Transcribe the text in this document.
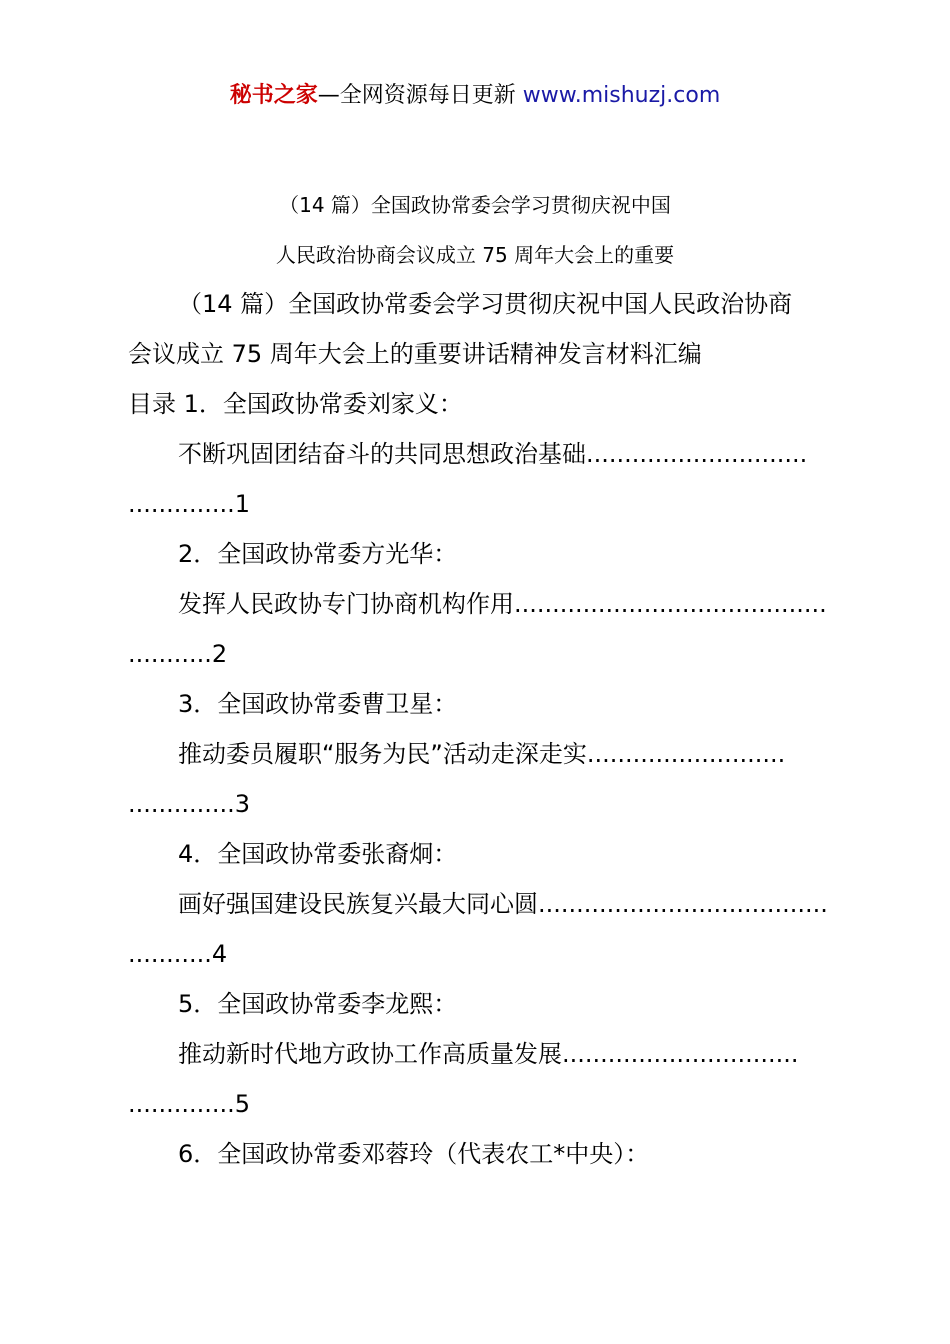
秘书之家—全网资源每日更新 www.mishuzj.com
（14 篇）全国政协常委会学习贯彻庆祝中国
人民政治协商会议成立 75 周年大会上的重要

（14 篇）全国政协常委会学习贯彻庆祝中国人民政治协商

会议成立 75 周年大会上的重要讲话精神发言材料汇编

目录 1．全国政协常委刘家义：

不断巩固团结奋斗的共同思想政治基础.............................

..............1

2．全国政协常委方光华：

发挥人民政协专门协商机构作用.........................................

...........2

3．全国政协常委曹卫星：

推动委员履职“服务为民”活动走深走实..........................

..............3

4．全国政协常委张裔炯：

画好强国建设民族复兴最大同心圆......................................

...........4

5．全国政协常委李龙熙：

推动新时代地方政协工作高质量发展...............................

..............5

6．全国政协常委邓蓉玲（代表农工*中央）：
